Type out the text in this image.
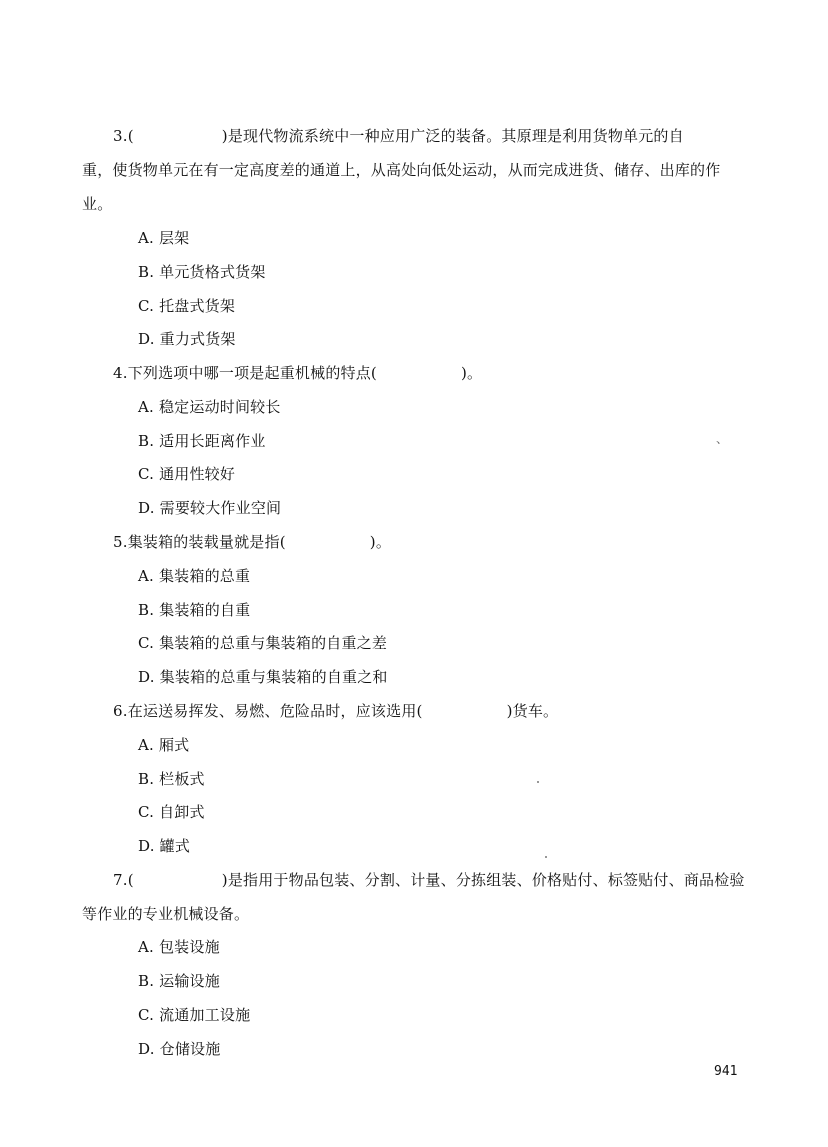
3.(	)是现代物流系统中一种应用广泛的装备。其原理是利用货物单元的自
重，使货物单元在有一定高度差的通道上，从高处向低处运动，从而完成进货、储存、出库的作
业。
A. 层架
B. 单元货格式货架
C. 托盘式货架
D. 重力式货架
4.下列选项中哪一项是起重机械的特点(	)。
A. 稳定运动时间较长
B. 适用长距离作业
C. 通用性较好
D. 需要较大作业空间
5.集装箱的装载量就是指(	)。
A. 集装箱的总重
B. 集装箱的自重
C. 集装箱的总重与集装箱的自重之差
D. 集装箱的总重与集装箱的自重之和
6.在运送易挥发、易燃、危险品时，应该选用(	)货车。
A. 厢式
B. 栏板式
C. 自卸式
D. 罐式
7.(	)是指用于物品包装、分割、计量、分拣组装、价格贴付、标签贴付、商品检验
等作业的专业机械设备。
A. 包装设施
B. 运输设施
C. 流通加工设施
D. 仓储设施
、
941
